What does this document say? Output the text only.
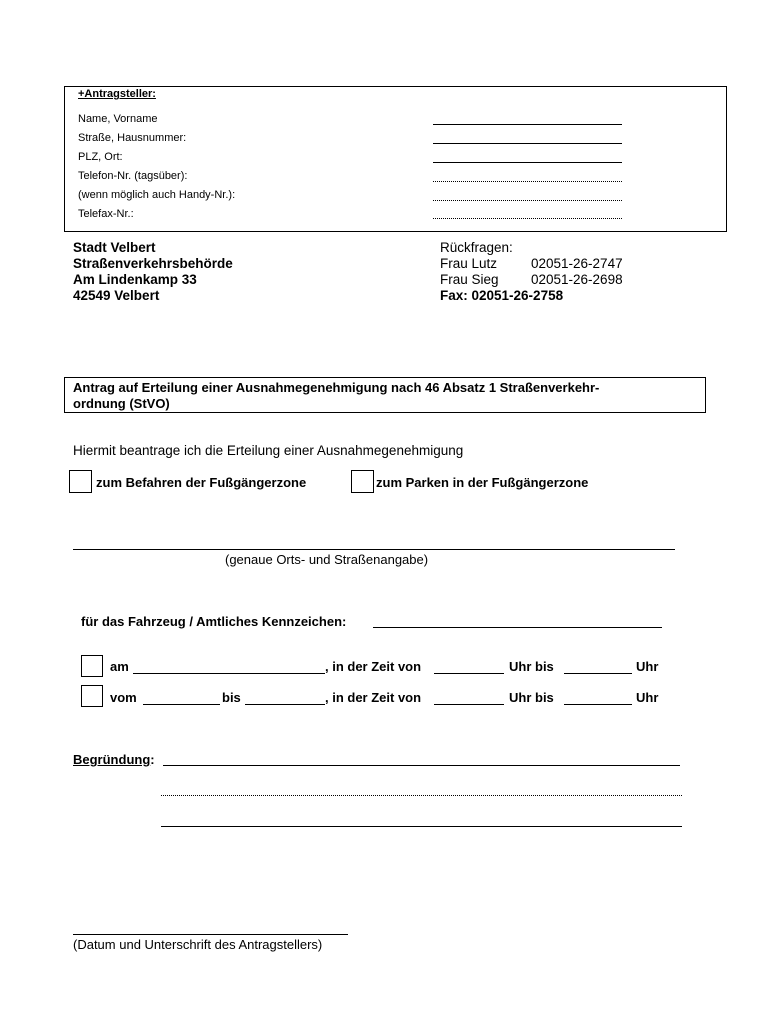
+Antragsteller:
Name, Vorname
Straße, Hausnummer:
PLZ, Ort:
Telefon-Nr. (tagsüber):
(wenn möglich auch Handy-Nr.):
Telefax-Nr.:
Stadt Velbert
Straßenverkehrsbehörde
Am Lindenkamp 33
42549 Velbert
Rückfragen:
Frau Lutz	02051-26-2747
Frau Sieg 02051-26-2698
Fax: 02051-26-2758
Antrag auf Erteilung einer Ausnahmegenehmigung nach 46 Absatz 1 Straßenverkehr-
ordnung (StVO)
Hiermit beantrage ich die Erteilung einer Ausnahmegenehmigung
zum Befahren der Fußgängerzone	zum Parken in der Fußgängerzone
(genaue Orts- und Straßenangabe)
für das Fahrzeug / Amtliches Kennzeichen:
am	, in der Zeit von	Uhr bis	Uhr
vom	bis	, in der Zeit von	Uhr bis	Uhr
Begründung:
(Datum und Unterschrift des Antragstellers)
